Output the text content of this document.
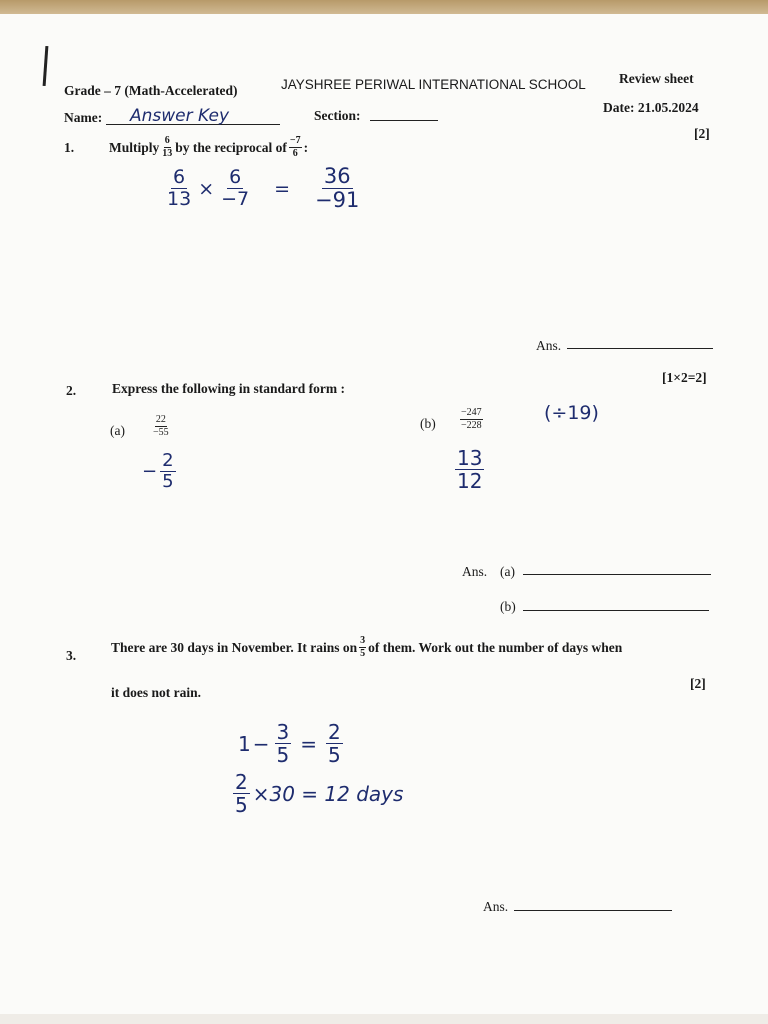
Grade – 7 (Math-Accelerated)	JAYSHREE PERIWAL INTERNATIONAL SCHOOL Review sheet
Name: Answer Key	Section:
Date: 21.05.2024
[2]
1.	Multiply $\frac{6}{13}$ by the reciprocal of $\frac{-7}{6}$ :
$\frac{6}{13} \times \frac{6}{-7} = \frac{36}{-91}$
Ans.
[1×2=2]
2.	Express the following in standard form :
(a)	$\frac{22}{-55}$
− $\frac{2}{5}$
$(b) \frac{-247}{-228}$	(÷19)
$\frac{13}{12}$
Ans. (a)
(b)
3.
There are 30 days in November. It rains on $\frac{3}{5}$ of them. Work out the number of days when
it does not rain.
[2]
$1 - \frac{3}{5} = \frac{2}{5}$
$\frac{2}{5} \times 30 = 12$ days
Ans.
